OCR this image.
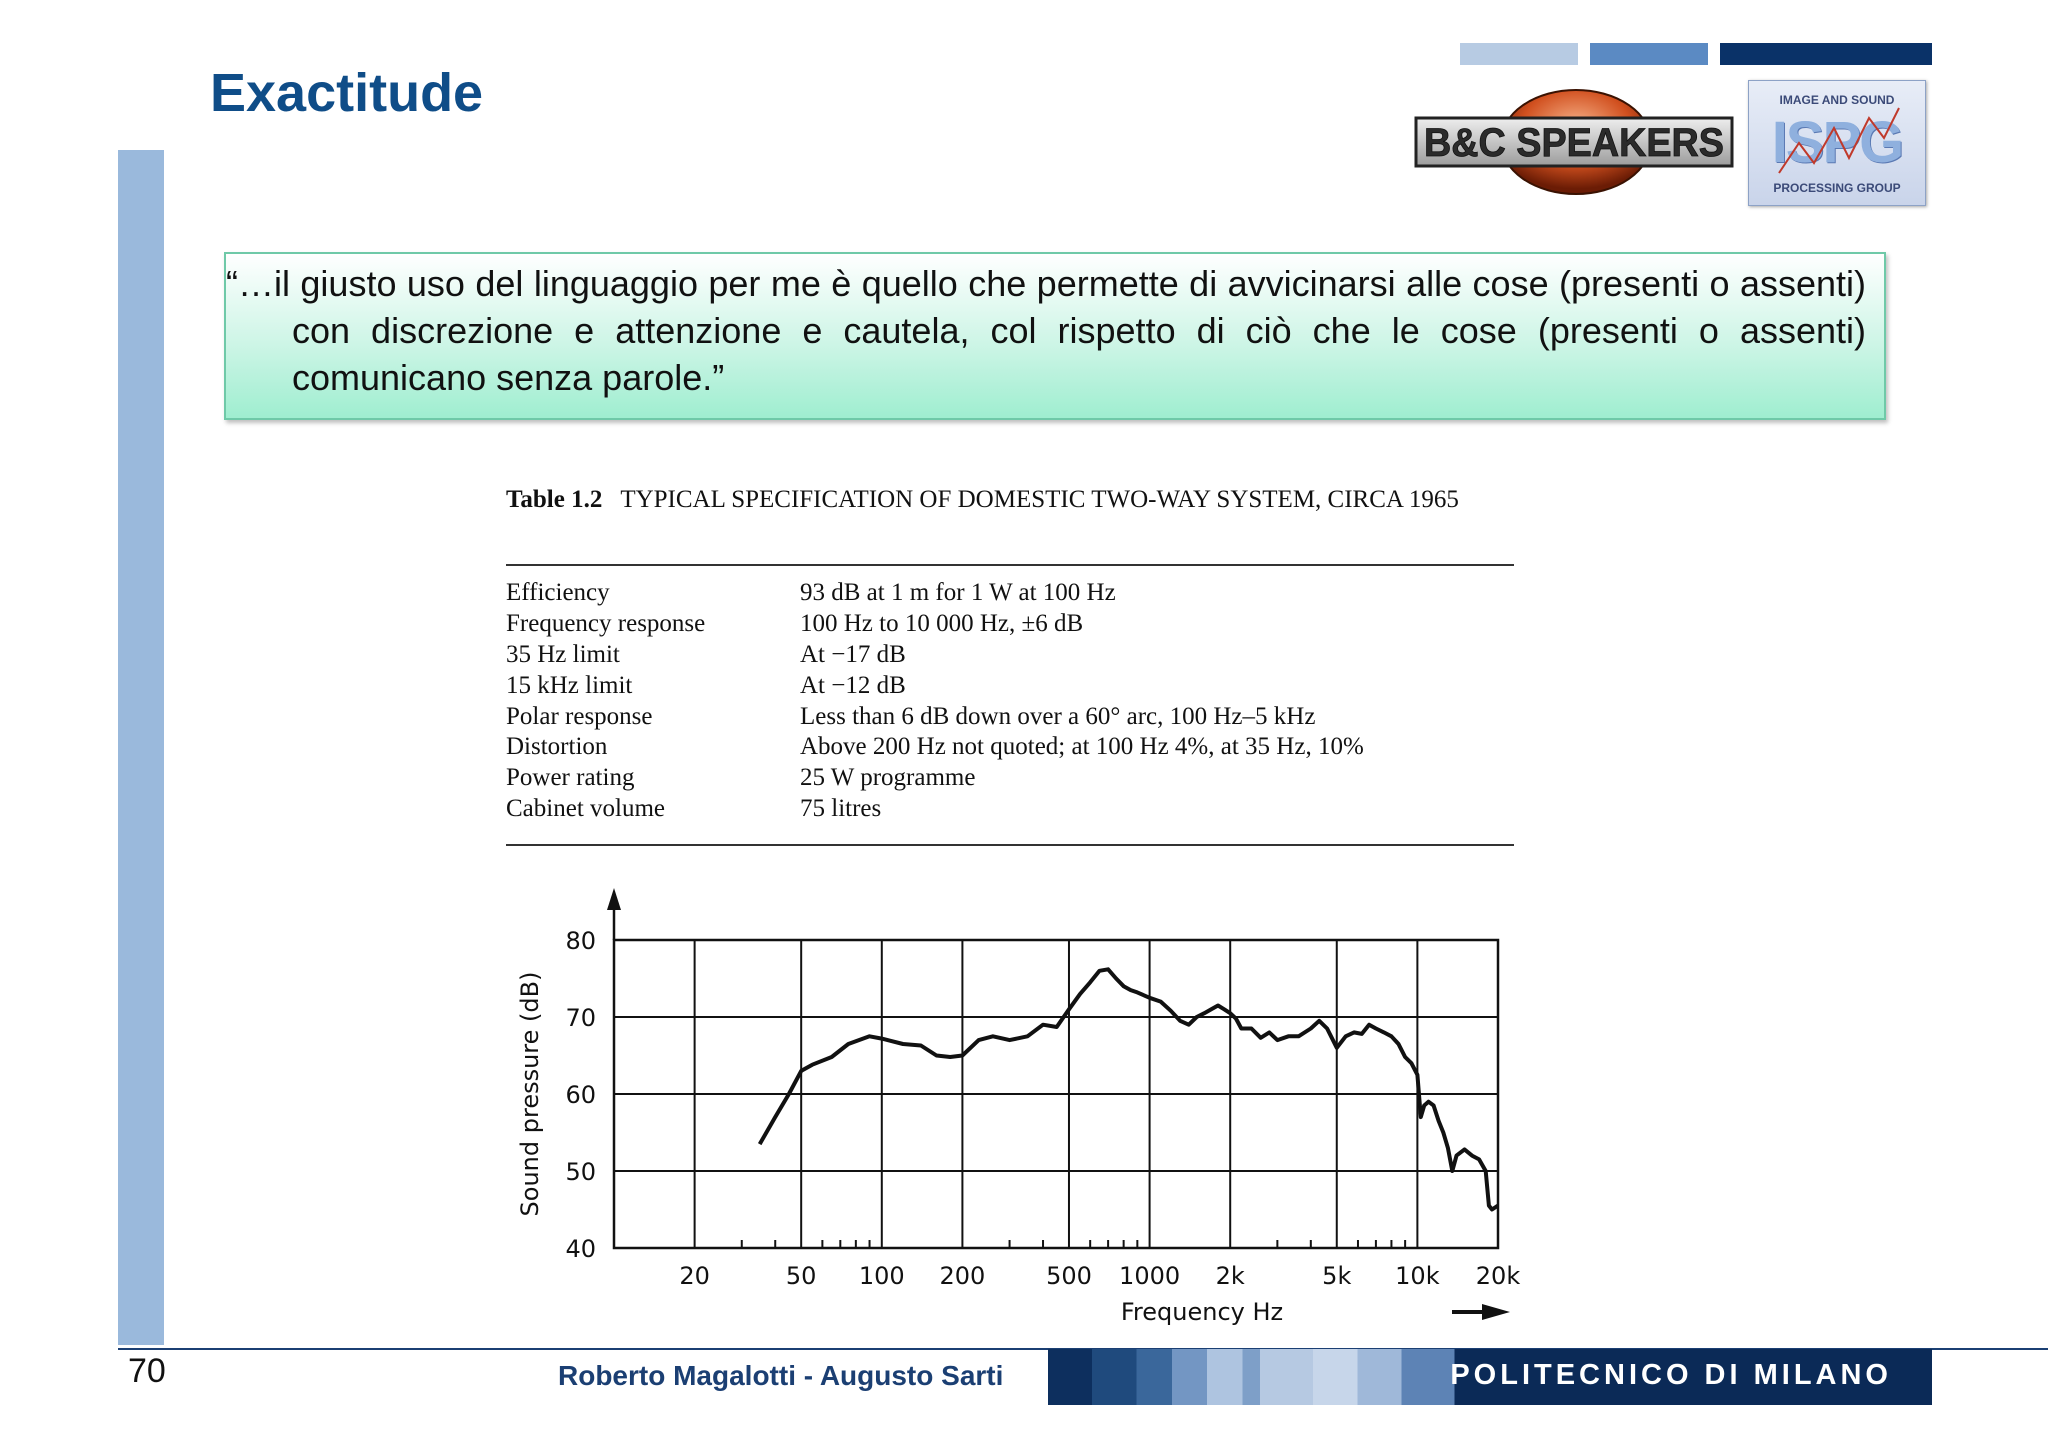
Exactitude
B&C SPEAKERS
IMAGE AND SOUND
ISPG
PROCESSING GROUP
“…il giusto uso del linguaggio per me è quello che permette di avvicinarsi alle cose (presenti o assenti) con discrezione e attenzione e cautela, col rispetto di ciò che le cose (presenti o assenti) comunicano senza parole.”
Table 1.2 TYPICAL SPECIFICATION OF DOMESTIC TWO-WAY SYSTEM, CIRCA 1965
Efficiency	93 dB at 1 m for 1 W at 100 Hz
Frequency response	100 Hz to 10 000 Hz, ±6 dB
35 Hz limit	At −17 dB
15 kHz limit	At −12 dB
Polar response	Less than 6 dB down over a 60° arc, 100 Hz–5 kHz
Distortion	Above 200 Hz not quoted; at 100 Hz 4%, at 35 Hz, 10%
Power rating	25 W programme
Cabinet volume	75 litres
20	50 100 200	500 1000 2k	5k 10k 20k
40
50
60
70
80
Frequency Hz
Sound pressure (dB)
70	Roberto Magalotti - Augusto Sarti	POLITECNICO DI MILANO
